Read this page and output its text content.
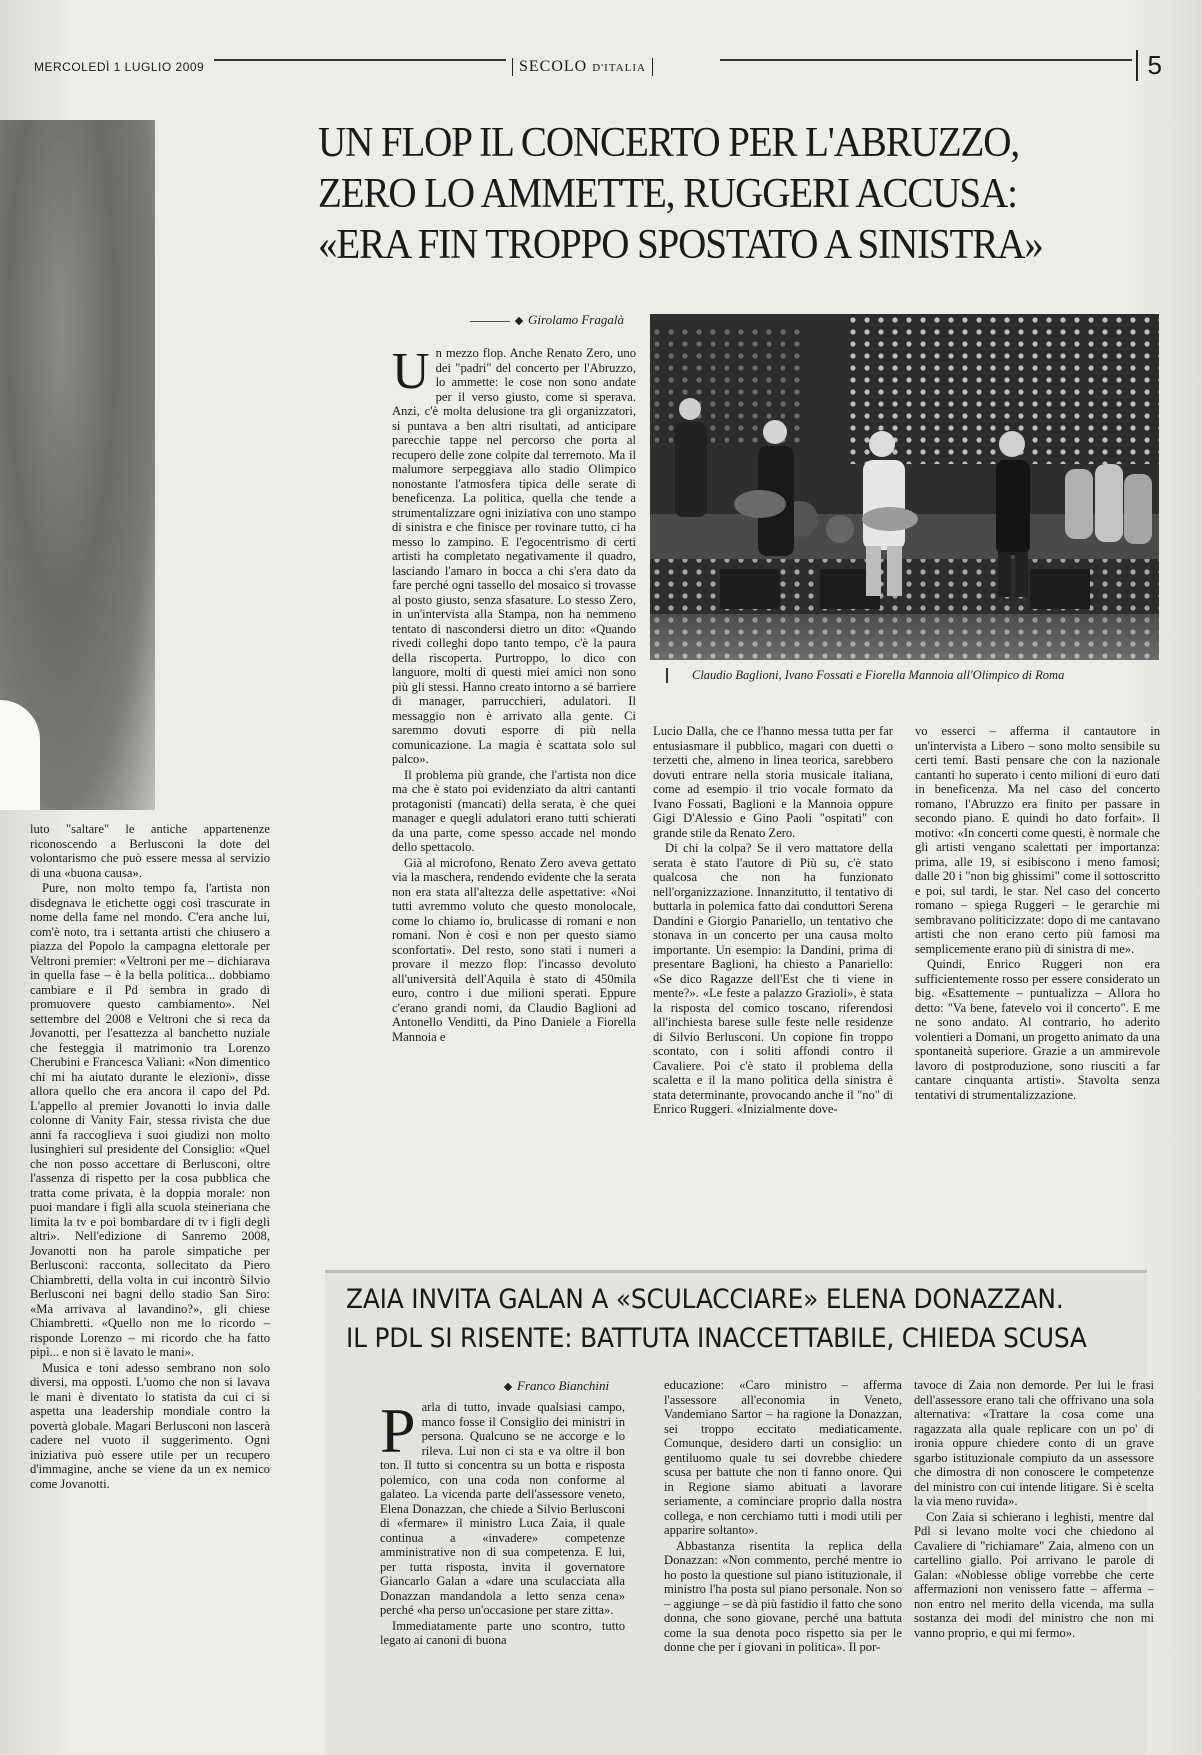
MERCOLEDÌ 1 LUGLIO 2009	SECOLO D'ITALIA	5

luto "saltare" le antiche appartenenze riconoscendo a Berlusconi la dote del volontarismo che può essere messa al servizio di una «buona causa».

Pure, non molto tempo fa, l'artista non disdegnava le etichette oggi così trascurate in nome della fame nel mondo. C'era anche lui, com'è noto, tra i settanta artisti che chiusero a piazza del Popolo la campagna elettorale per Veltroni premier: «Veltroni per me – dichiarava in quella fase – è la bella politica... dobbiamo cambiare e il Pd sembra in grado di promuovere questo cambiamento». Nel settembre del 2008 e Veltroni che si reca da Jovanotti, per l'esattezza al banchetto nuziale che festeggia il matrimonio tra Lorenzo Cherubini e Francesca Valiani: «Non dimentico chi mi ha aiutato durante le elezioni», disse allora quello che era ancora il capo del Pd. L'appello al premier Jovanotti lo invia dalle colonne di Vanity Fair, stessa rivista che due anni fa raccoglieva i suoi giudizi non molto lusinghieri sul presidente del Consiglio: «Quel che non posso accettare di Berlusconi, oltre l'assenza di rispetto per la cosa pubblica che tratta come privata, è la doppia morale: non puoi mandare i figli alla scuola steineriana che limita la tv e poi bombardare di tv i figli degli altri». Nell'edizione di Sanremo 2008, Jovanotti non ha parole simpatiche per Berlusconi: racconta, sollecitato da Piero Chiambretti, della volta in cui incontrò Silvio Berlusconi nei bagni dello stadio San Siro: «Ma arrivava al lavandino?», gli chiese Chiambretti. «Quello non me lo ricordo – risponde Lorenzo – mi ricordo che ha fatto pipì... e non si è lavato le mani».

Musica e toni adesso sembrano non solo diversi, ma opposti. L'uomo che non si lavava le mani è diventato lo statista da cui ci si aspetta una leadership mondiale contro la povertà globale. Magari Berlusconi non lascerà cadere nel vuoto il suggerimento. Ogni iniziativa può essere utile per un recupero d'immagine, anche se viene da un ex nemico come Jovanotti.

UN FLOP IL CONCERTO PER L'ABRUZZO,
ZERO LO AMMETTE, RUGGERI ACCUSA:
«ERA FIN TROPPO SPOSTATO A SINISTRA»
Girolamo Fragalà
U n mezzo flop. Anche Renato Zero, uno dei "padri" del concerto per l'Abruzzo, lo ammette: le cose non sono andate per il verso giusto, come si sperava. Anzi, c'è molta delusione tra gli organizzatori, si puntava a ben altri risultati, ad anticipare parecchie tappe nel percorso che porta al recupero delle zone colpite dal terremoto. Ma il malumore serpeggiava allo stadio Olimpico nonostante l'atmosfera tipica delle serate di beneficenza. La politica, quella che tende a strumentalizzare ogni iniziativa con uno stampo di sinistra e che finisce per rovinare tutto, ci ha messo lo zampino. E l'egocentrismo di certi artisti ha completato negativamente il quadro, lasciando l'amaro in bocca a chi s'era dato da fare perché ogni tassello del mosaico si trovasse al posto giusto, senza sfasature. Lo stesso Zero, in un'intervista alla Stampa, non ha nemmeno tentato di nascondersi dietro un dito: «Quando rivedi colleghi dopo tanto tempo, c'è la paura della riscoperta. Purtroppo, lo dico con languore, molti di questi miei amici non sono più gli stessi. Hanno creato intorno a sé barriere di manager, parrucchieri, adulatori. Il messaggio non è arrivato alla gente. Ci saremmo dovuti esporre di più nella comunicazione. La magia è scattata solo sul palco».

Il problema più grande, che l'artista non dice ma che è stato poi evidenziato da altri cantanti protagonisti (mancati) della serata, è che quei manager e quegli adulatori erano tutti schierati da una parte, come spesso accade nel mondo dello spettacolo.

Già al microfono, Renato Zero aveva gettato via la maschera, rendendo evidente che la serata non era stata all'altezza delle aspettative: «Noi tutti avremmo voluto che questo monolocale, come lo chiamo io, brulicasse di romani e non romani. Non è così e non per questo siamo sconfortati». Del resto, sono stati i numeri a provare il mezzo flop: l'incasso devoluto all'università dell'Aquila è stato di 450mila euro, contro i due milioni sperati. Eppure c'erano grandi nomi, da Claudio Baglioni ad Antonello Venditti, da Pino Daniele a Fiorella Mannoia e

Claudio Baglioni, Ivano Fossati e Fiorella Mannoia all'Olimpico di Roma

Lucio Dalla, che ce l'hanno messa tutta per far entusiasmare il pubblico, magari con duetti o terzetti che, almeno in linea teorica, sarebbero dovuti entrare nella storia musicale italiana, come ad esempio il trio vocale formato da Ivano Fossati, Baglioni e la Mannoia oppure Gigi D'Alessio e Gino Paoli "ospitati" con grande stile da Renato Zero.

Di chi la colpa? Se il vero mattatore della serata è stato l'autore di Più su, c'è stato qualcosa che non ha funzionato nell'organizzazione. Innanzitutto, il tentativo di buttarla in polemica fatto dai conduttori Serena Dandini e Giorgio Panariello, un tentativo che stonava in un concerto per una causa molto importante. Un esempio: la Dandini, prima di presentare Baglioni, ha chiesto a Panariello: «Se dico Ragazze dell'Est che ti viene in mente?». «Le feste a palazzo Grazioli», è stata la risposta del comico toscano, riferendosi all'inchiesta barese sulle feste nelle residenze di Silvio Berlusconi. Un copione fin troppo scontato, con i soliti affondi contro il Cavaliere. Poi c'è stato il problema della scaletta e il la mano politica della sinistra è stata determinante, provocando anche il "no" di Enrico Ruggeri. «Inizialmente dove-

vo esserci – afferma il cantautore in un'intervista a Libero – sono molto sensibile su certi temi. Basti pensare che con la nazionale cantanti ho superato i cento milioni di euro dati in beneficenza. Ma nel caso del concerto romano, l'Abruzzo era finito per passare in secondo piano. E quindi ho dato forfait». Il motivo: «In concerti come questi, è normale che gli artisti vengano scalettati per importanza: prima, alle 19, si esibiscono i meno famosi; dalle 20 i "non big ghissimi" come il sottoscritto e poi, sul tardi, le star. Nel caso del concerto romano – spiega Ruggeri – le gerarchie mi sembravano politicizzate: dopo di me cantavano artisti che non erano certo più famosi ma semplicemente erano più di sinistra di me».

Quindi, Enrico Ruggeri non era sufficientemente rosso per essere considerato un big. «Esattemente – puntualizza – Allora ho detto: "Va bene, fatevelo voi il concerto". E me ne sono andato. Al contrario, ho aderito volentieri a Domani, un progetto animato da una spontaneità superiore. Grazie a un ammirevole lavoro di postproduzione, sono riusciti a far cantare cinquanta artisti». Stavolta senza tentativi di strumentalizzazione.

ZAIA INVITA GALAN A «SCULACCIARE» ELENA DONAZZAN.
IL PDL SI RISENTE: BATTUTA INACCETTABILE, CHIEDA SCUSA
Franco Bianchini
P arla di tutto, invade qualsiasi campo, manco fosse il Consiglio dei ministri in persona. Qualcuno se ne accorge e lo rileva. Lui non ci sta e va oltre il bon ton. Il tutto si concentra su un botta e risposta polemico, con una coda non conforme al galateo. La vicenda parte dell'assessore veneto, Elena Donazzan, che chiede a Silvio Berlusconi di «fermare» il ministro Luca Zaia, il quale continua a «invadere» competenze amministrative non di sua competenza. E lui, per tutta risposta, invita il governatore Giancarlo Galan a «dare una sculacciata alla Donazzan mandandola a letto senza cena» perché «ha perso un'occasione per stare zitta».

Immediatamente parte uno scontro, tutto legato ai canoni di buona

educazione: «Caro ministro – afferma l'assessore all'economia in Veneto, Vandemiano Sartor – ha ragione la Donazzan, sei troppo eccitato mediaticamente. Comunque, desidero darti un consiglio: un gentiluomo quale tu sei dovrebbe chiedere scusa per battute che non ti fanno onore. Qui in Regione siamo abituati a lavorare seriamente, a cominciare proprio dalla nostra collega, e non cerchiamo tutti i modi utili per apparire soltanto».

Abbastanza risentita la replica della Donazzan: «Non commento, perché mentre io ho posto la questione sul piano istituzionale, il ministro l'ha posta sul piano personale. Non so – aggiunge – se dà più fastidio il fatto che sono donna, che sono giovane, perché una battuta come la sua denota poco rispetto sia per le donne che per i giovani in politica». Il por-

tavoce di Zaia non demorde. Per lui le frasi dell'assessore erano tali che offrivano una sola alternativa: «Trattare la cosa come una ragazzata alla quale replicare con un po' di ironia oppure chiedere conto di un grave sgarbo istituzionale compiuto da un assessore che dimostra di non conoscere le competenze del ministro con cui intende litigare. Si è scelta la via meno ruvida».

Con Zaia si schierano i leghisti, mentre dal Pdl si levano molte voci che chiedono al Cavaliere di "richiamare" Zaia, almeno con un cartellino giallo. Poi arrivano le parole di Galan: «Noblesse oblige vorrebbe che certe affermazioni non venissero fatte – afferma – non entro nel merito della vicenda, ma sulla sostanza dei modi del ministro che non mi vanno proprio, e qui mi fermo».
